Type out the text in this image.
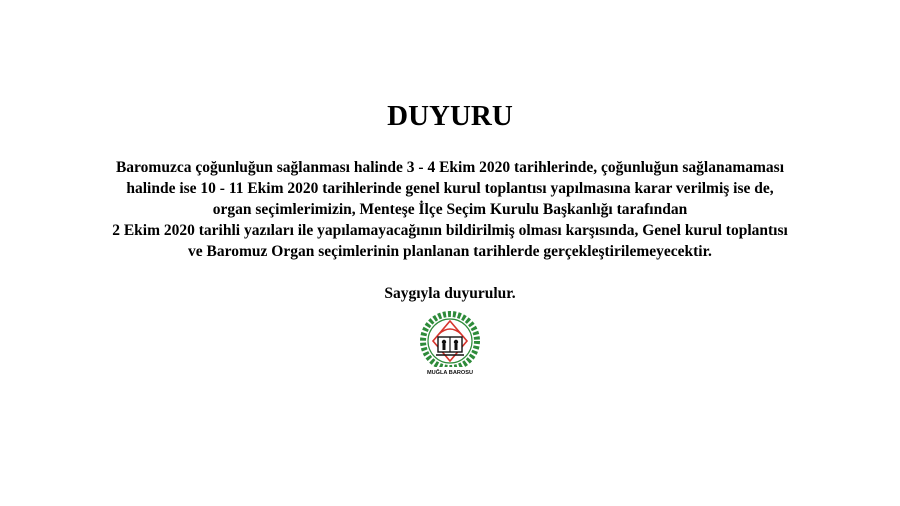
DUYURU

Baromuzca çoğunluğun sağlanması halinde 3 - 4 Ekim 2020 tarihlerinde, çoğunluğun sağlanamaması
halinde ise 10 - 11 Ekim 2020 tarihlerinde genel kurul toplantısı yapılmasına karar verilmiş ise de,
organ seçimlerimizin, Menteşe İlçe Seçim Kurulu Başkanlığı tarafından
2 Ekim 2020 tarihli yazıları ile yapılamayacağının bildirilmiş olması karşısında, Genel kurul toplantısı
ve Baromuz Organ seçimlerinin planlanan tarihlerde gerçekleştirilemeyecektir.

Saygıyla duyurulur.

MUĞLA BAROSU
